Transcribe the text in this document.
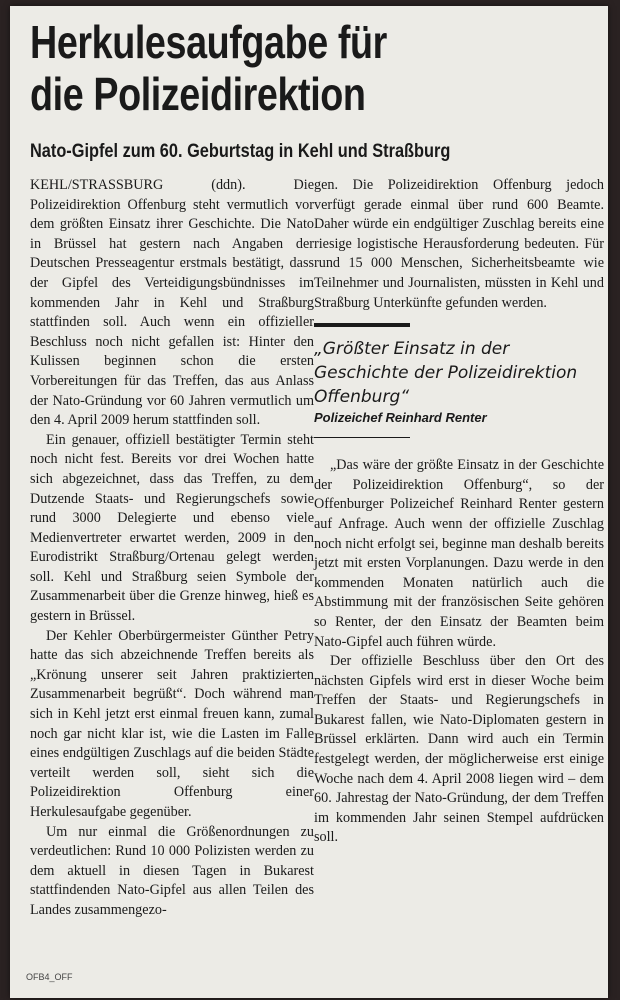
Herkulesaufgabe für
die Polizeidirektion
Nato-Gipfel zum 60. Geburtstag in Kehl und Straßburg

KEHL/STRASSBURG (ddn). Die Polizeidirektion Offenburg steht vermutlich vor dem größten Einsatz ihrer Geschichte. Die Nato in Brüssel hat gestern nach Angaben der Deutschen Presseagentur erstmals bestätigt, dass der Gipfel des Verteidigungsbündnisses im kommenden Jahr in Kehl und Straßburg stattfinden soll. Auch wenn ein offizieller Beschluss noch nicht gefallen ist: Hinter den Kulissen beginnen schon die ersten Vorbereitungen für das Treffen, das aus Anlass der Nato-Gründung vor 60 Jahren vermutlich um den 4. April 2009 herum stattfinden soll.

Ein genauer, offiziell bestätigter Termin steht noch nicht fest. Bereits vor drei Wochen hatte sich abgezeichnet, dass das Treffen, zu dem Dutzende Staats- und Regierungschefs sowie rund 3000 Delegierte und ebenso viele Medienvertreter erwartet werden, 2009 in den Eurodistrikt Straßburg/Ortenau gelegt werden soll. Kehl und Straßburg seien Symbole der Zusammenarbeit über die Grenze hinweg, hieß es gestern in Brüssel.

Der Kehler Oberbürgermeister Günther Petry hatte das sich abzeichnende Treffen bereits als „Krönung unserer seit Jahren praktizierten Zusammenarbeit begrüßt“. Doch während man sich in Kehl jetzt erst einmal freuen kann, zumal noch gar nicht klar ist, wie die Lasten im Falle eines endgültigen Zuschlags auf die beiden Städte verteilt werden soll, sieht sich die Polizeidirektion Offenburg einer Herkulesaufgabe gegenüber.

Um nur einmal die Größenordnungen zu verdeutlichen: Rund 10 000 Polizisten werden zu dem aktuell in diesen Tagen in Bukarest stattfindenden Nato-Gipfel aus allen Teilen des Landes zusammengezo-

gen. Die Polizeidirektion Offenburg jedoch verfügt gerade einmal über rund 600 Beamte. Daher würde ein endgültiger Zuschlag bereits eine riesige logistische Herausforderung bedeuten. Für rund 15 000 Menschen, Sicherheitsbeamte wie Teilnehmer und Journalisten, müssten in Kehl und Straßburg Unterkünfte gefunden werden.

„Größter Einsatz in der Geschichte der Polizeidirektion Offenburg“

Polizeichef Reinhard Renter

„Das wäre der größte Einsatz in der Geschichte der Polizeidirektion Offenburg“, so der Offenburger Polizeichef Reinhard Renter gestern auf Anfrage. Auch wenn der offizielle Zuschlag noch nicht erfolgt sei, beginne man deshalb bereits jetzt mit ersten Vorplanungen. Dazu werde in den kommenden Monaten natürlich auch die Abstimmung mit der französischen Seite gehören so Renter, der den Einsatz der Beamten beim Nato-Gipfel auch führen würde.

Der offizielle Beschluss über den Ort des nächsten Gipfels wird erst in dieser Woche beim Treffen der Staats- und Regierungschefs in Bukarest fallen, wie Nato-Diplomaten gestern in Brüssel erklärten. Dann wird auch ein Termin festgelegt werden, der möglicherweise erst einige Woche nach dem 4. April 2008 liegen wird – dem 60. Jahrestag der Nato-Gründung, der dem Treffen im kommenden Jahr seinen Stempel aufdrücken soll.

OFB4_OFF
